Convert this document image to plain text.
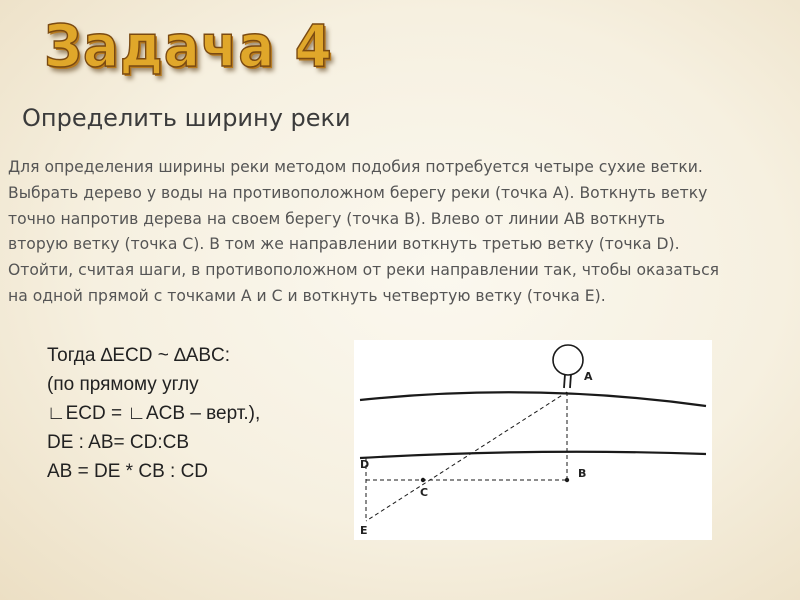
Задача 4

Определить ширину реки

Для определения ширины реки методом подобия потребуется четыре сухие ветки.
Выбрать дерево у воды на противоположном берегу реки (точка A). Воткнуть ветку
точно напротив дерева на своем берегу (точка B). Влево от линии AB воткнуть
вторую ветку (точка С). В том же направлении воткнуть третью ветку (точка D).
Отойти, считая шаги, в противоположном от реки направлении так, чтобы оказаться
на одной прямой с точками А и С и воткнуть четвертую ветку (точка E).
Тогда ∆ECD ~ ∆ABC:
(по прямому углу
∟ECD = ∟ACB – верт.),
DE : AB= CD:CB
AB = DE * CB : CD
A
B
C
D
E
